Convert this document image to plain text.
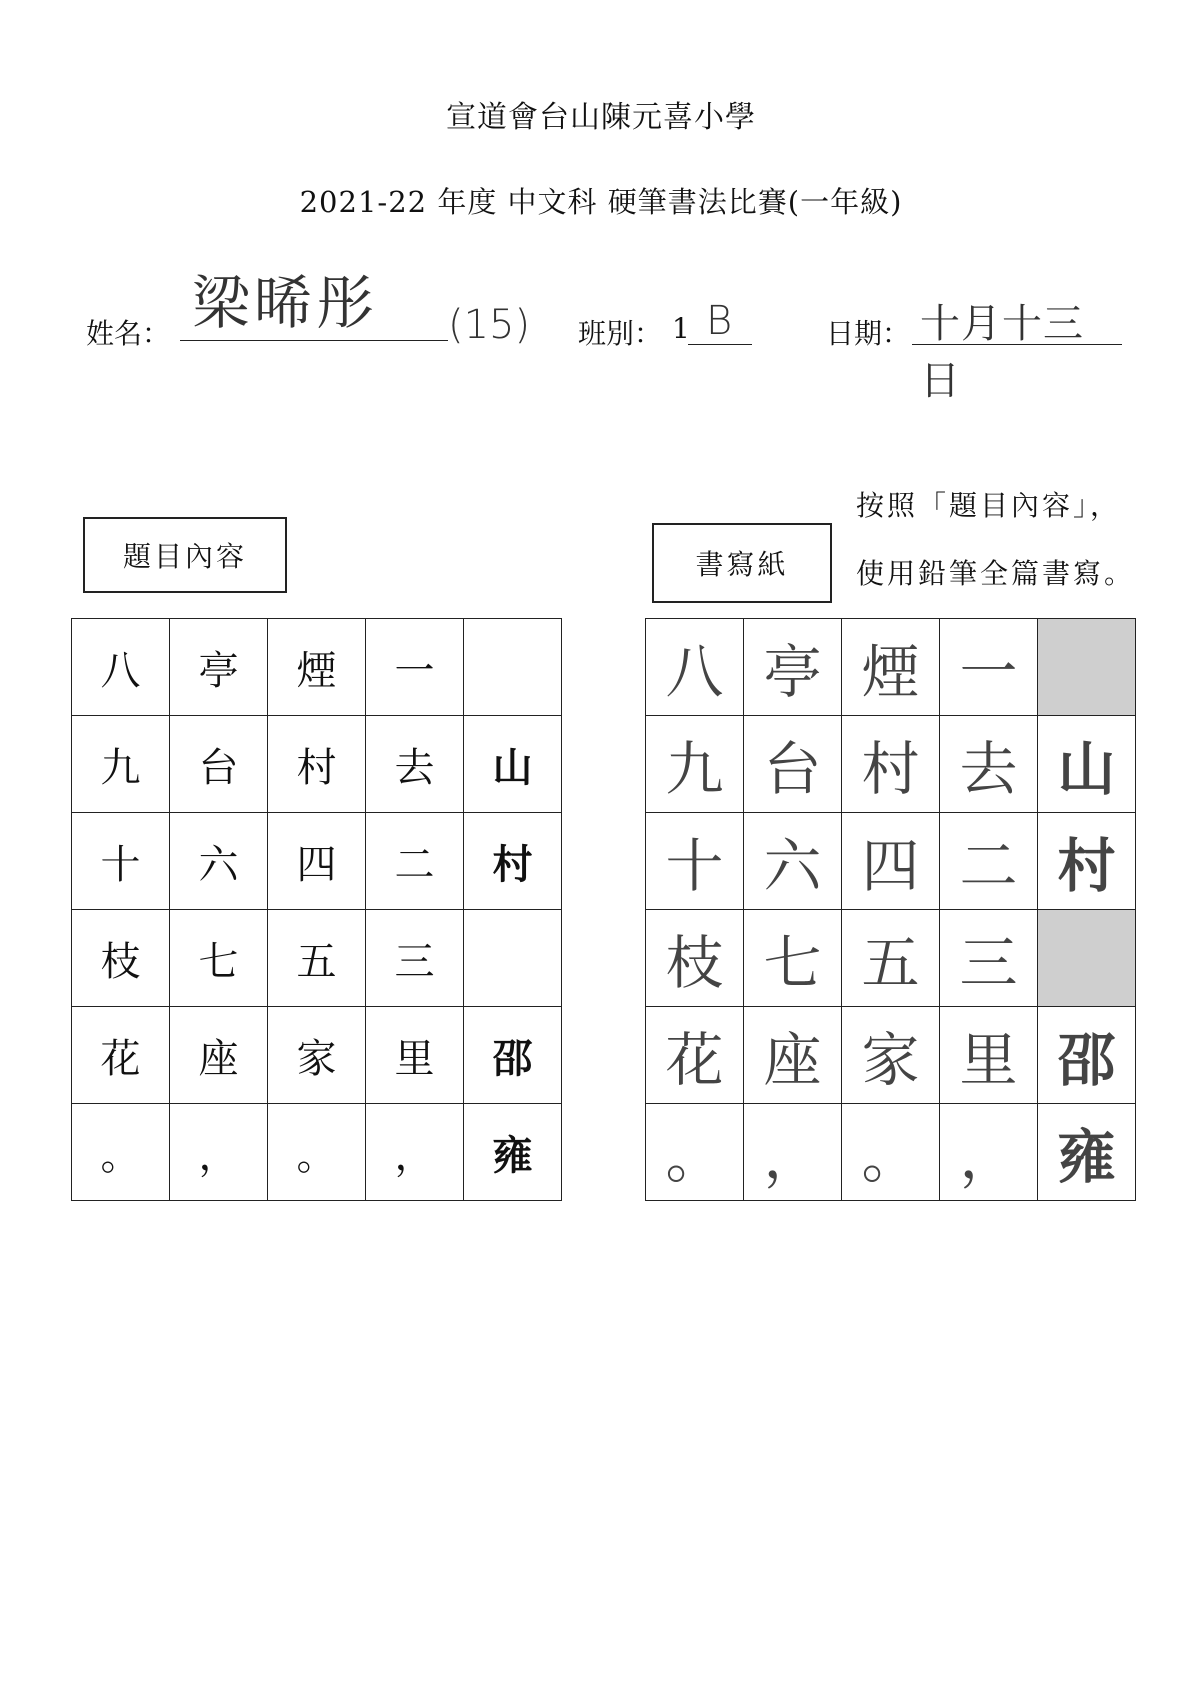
宣道會台山陳元喜小學
2021-22 年度 中文科 硬筆書法比賽(一年級)
姓名： 梁晞彤 (15) 班別： 1 B	日期： 十月十三日
按照「題目內容」，
使用鉛筆全篇書寫。
題目內容	書寫紙
八	亭	煙	一	
九	台	村	去	山
十	六	四	二	村
枝	七	五	三	
花	座	家	里	邵
。	，	。	，	雍
八	亭	煙	一	
九	台	村	去	山
十	六	四	二	村
枝	七	五	三	
花	座	家	里	邵
。	，	。	，	雍
